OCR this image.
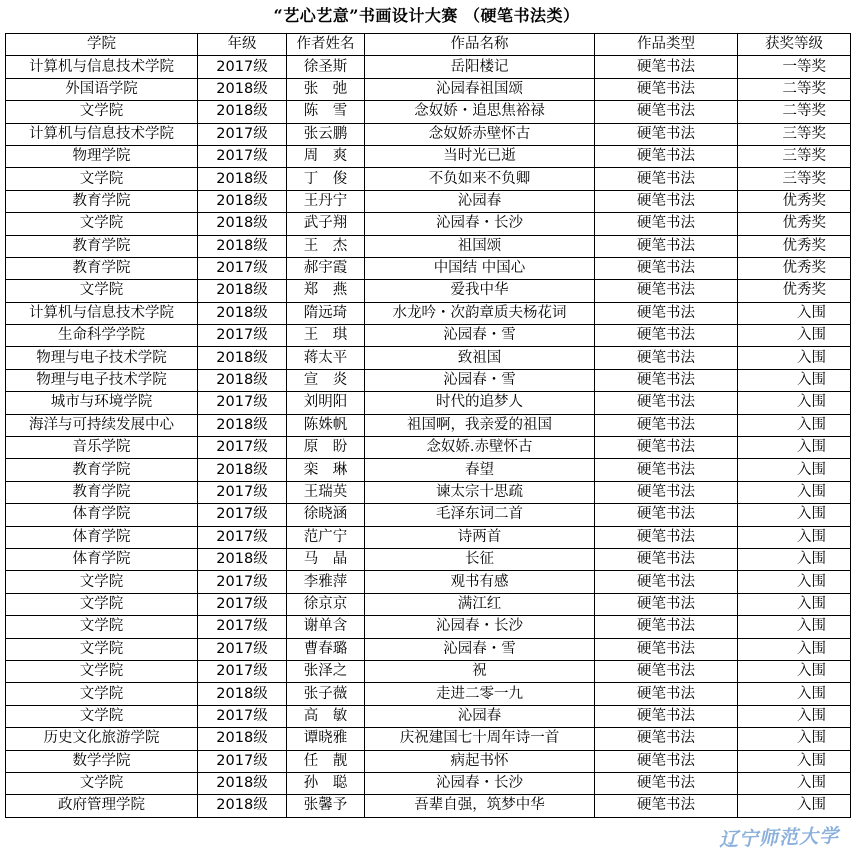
“艺心艺意”书画设计大赛 （硬笔书法类）
学院	年级	作者姓名	作品名称	作品类型	获奖等级
计算机与信息技术学院	2017级	徐圣斯	岳阳楼记	硬笔书法	一等奖
外国语学院	2018级	张　弛	沁园春祖国颂	硬笔书法	二等奖
文学院	2018级	陈　雪	念奴娇・追思焦裕禄	硬笔书法	二等奖
计算机与信息技术学院	2017级	张云鹏	念奴娇赤壁怀古	硬笔书法	三等奖
物理学院	2017级	周　爽	当时光已逝	硬笔书法	三等奖
文学院	2018级	丁　俊	不负如来不负卿	硬笔书法	三等奖
教育学院	2018级	王丹宁	沁园春	硬笔书法	优秀奖
文学院	2018级	武子翔	沁园春・长沙	硬笔书法	优秀奖
教育学院	2018级	王　杰	祖国颂	硬笔书法	优秀奖
教育学院	2017级	郝宇霞	中国结 中国心	硬笔书法	优秀奖
文学院	2018级	郑　燕	爱我中华	硬笔书法	优秀奖
计算机与信息技术学院	2018级	隋远琦	水龙吟・次韵章质夫杨花词	硬笔书法	入围
生命科学学院	2017级	王　琪	沁园春・雪	硬笔书法	入围
物理与电子技术学院	2018级	蒋太平	致祖国	硬笔书法	入围
物理与电子技术学院	2018级	宣　炎	沁园春・雪	硬笔书法	入围
城市与环境学院	2017级	刘明阳	时代的追梦人	硬笔书法	入围
海洋与可持续发展中心	2018级	陈姝帆	祖国啊，我亲爱的祖国	硬笔书法	入围
音乐学院	2017级	原　盼	念奴娇.赤壁怀古	硬笔书法	入围
教育学院	2018级	栾　琳	春望	硬笔书法	入围
教育学院	2017级	王瑞英	谏太宗十思疏	硬笔书法	入围
体育学院	2017级	徐晓涵	毛泽东词二首	硬笔书法	入围
体育学院	2017级	范广宁	诗两首	硬笔书法	入围
体育学院	2018级	马　晶	长征	硬笔书法	入围
文学院	2017级	李雅萍	观书有感	硬笔书法	入围
文学院	2017级	徐京京	满江红	硬笔书法	入围
文学院	2017级	谢单含	沁园春・长沙	硬笔书法	入围
文学院	2017级	曹春璐	沁园春・雪	硬笔书法	入围
文学院	2017级	张泽之	祝	硬笔书法	入围
文学院	2018级	张子薇	走进二零一九	硬笔书法	入围
文学院	2017级	高　敏	沁园春	硬笔书法	入围
历史文化旅游学院	2018级	谭晓雅	庆祝建国七十周年诗一首	硬笔书法	入围
数学学院	2017级	任　靓	病起书怀	硬笔书法	入围
文学院	2018级	孙　聪	沁园春・长沙	硬笔书法	入围
政府管理学院	2018级	张馨予	吾辈自强，筑梦中华	硬笔书法	入围
辽宁师范大学
